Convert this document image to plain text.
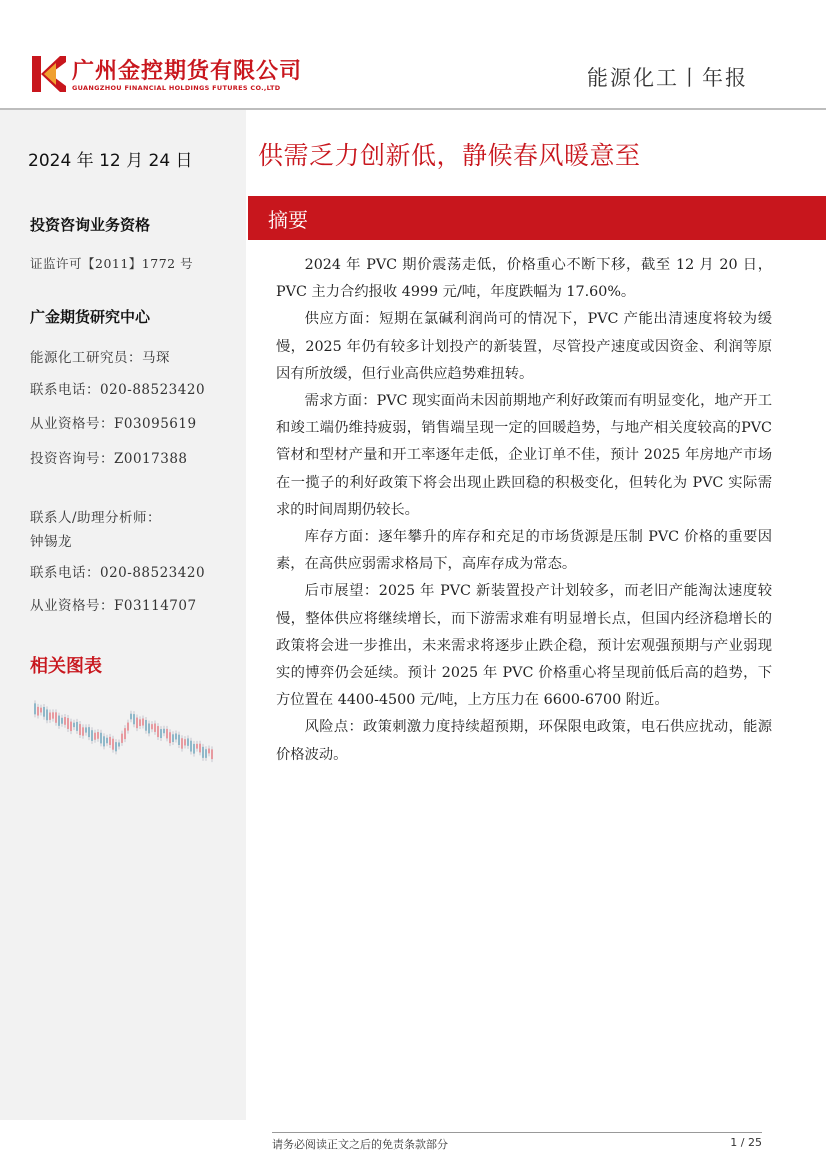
广州金控期货有限公司
GUANGZHOU FINANCIAL HOLDINGS FUTURES CO.,LTD	能源化工丨年报
2024 年 12 月 24 日
投资咨询业务资格
证监许可【2011】1772 号
广金期货研究中心
能源化工研究员：马琛
联系电话：020-88523420
从业资格号：F03095619
投资咨询号：Z0017388
联系人/助理分析师：
钟锡龙
联系电话：020-88523420
从业资格号：F03114707
相关图表
供需乏力创新低，静候春风暖意至
摘要

2024 年 PVC 期价震荡走低，价格重心不断下移，截至 12 月 20 日，PVC 主力合约报收 4999 元/吨，年度跌幅为 17.60%。

供应方面：短期在氯碱利润尚可的情况下，PVC 产能出清速度将较为缓慢，2025 年仍有较多计划投产的新装置，尽管投产速度或因资金、利润等原因有所放缓，但行业高供应趋势难扭转。

需求方面：PVC 现实面尚未因前期地产利好政策而有明显变化，地产开工和竣工端仍维持疲弱，销售端呈现一定的回暖趋势，与地产相关度较高的PVC管材和型材产量和开工率逐年走低，企业订单不佳，预计 2025 年房地产市场在一揽子的利好政策下将会出现止跌回稳的积极变化，但转化为 PVC 实际需求的时间周期仍较长。

库存方面：逐年攀升的库存和充足的市场货源是压制 PVC 价格的重要因素，在高供应弱需求格局下，高库存成为常态。

后市展望：2025 年 PVC 新装置投产计划较多，而老旧产能淘汰速度较慢，整体供应将继续增长，而下游需求难有明显增长点，但国内经济稳增长的政策将会进一步推出，未来需求将逐步止跌企稳，预计宏观强预期与产业弱现实的博弈仍会延续。预计 2025 年 PVC 价格重心将呈现前低后高的趋势，下方位置在 4400-4500 元/吨，上方压力在 6600-6700 附近。

风险点：政策刺激力度持续超预期，环保限电政策，电石供应扰动，能源价格波动。

请务必阅读正文之后的免责条款部分	1 / 25
